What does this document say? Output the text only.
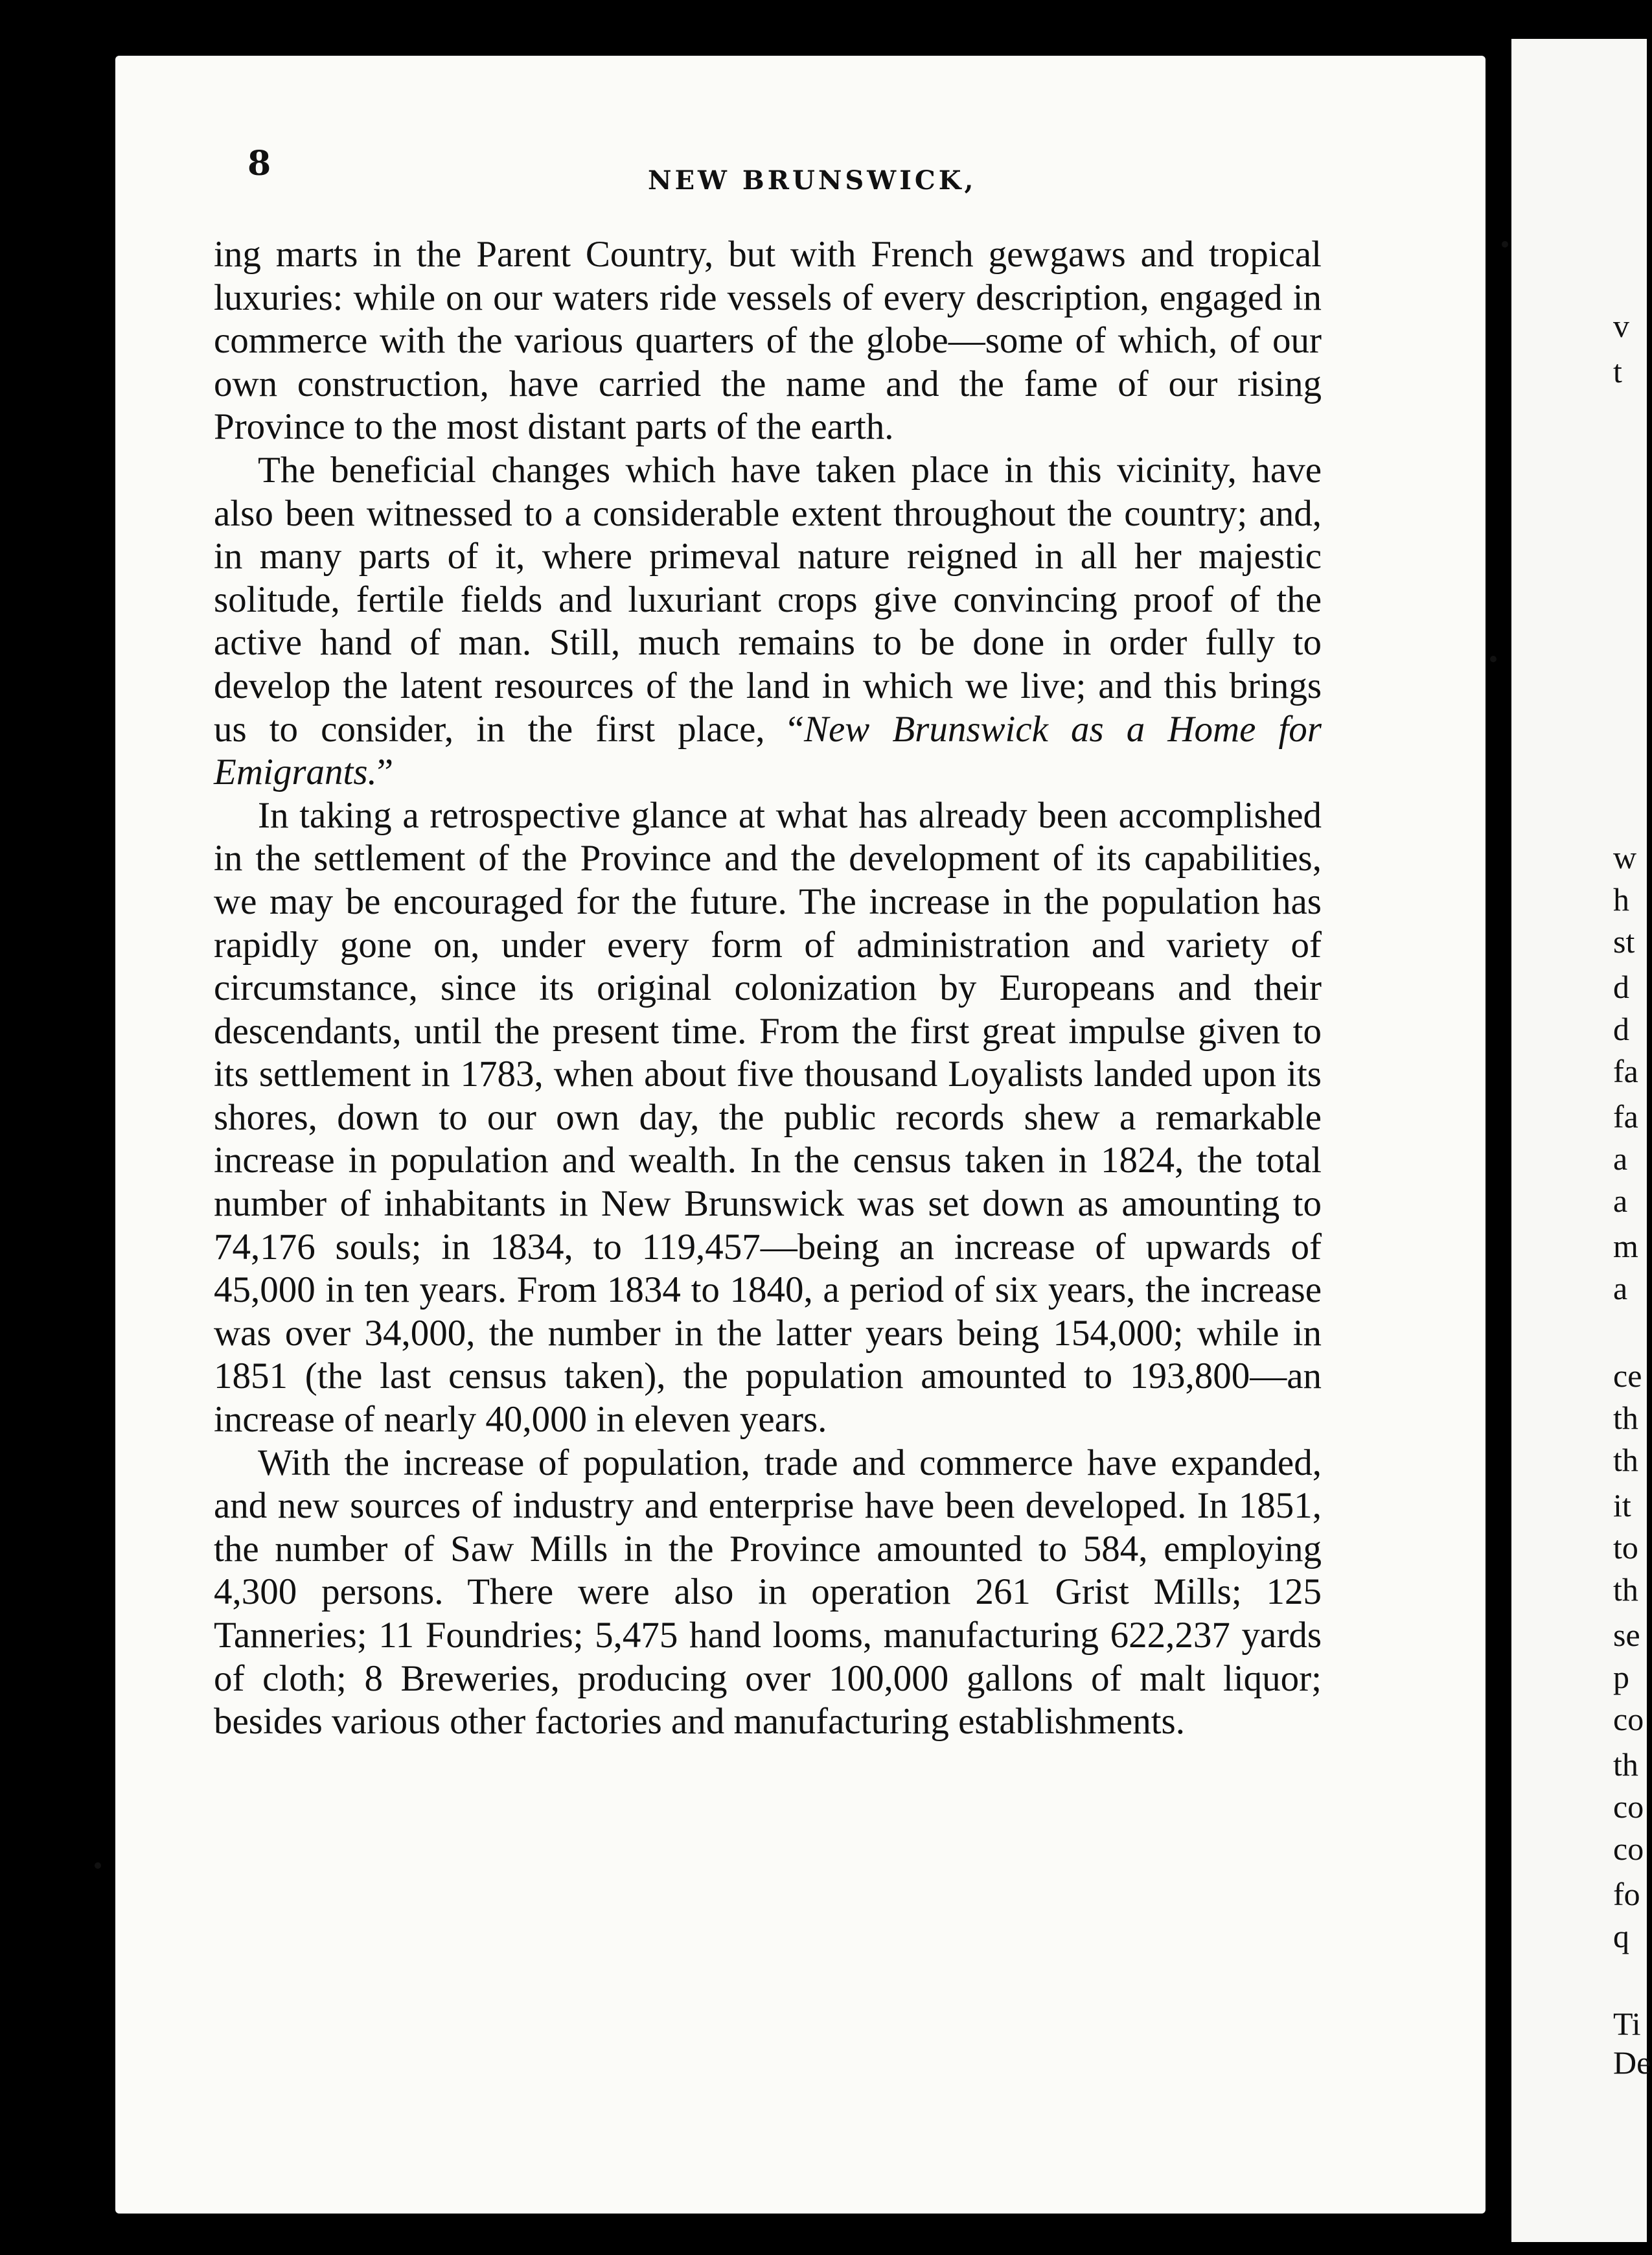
8	NEW BRUNSWICK,

ing marts in the Parent Country, but with French gewgaws and tropical luxuries: while on our waters ride vessels of every description, engaged in commerce with the various quarters of the globe—some of which, of our own construction, have carried the name and the fame of our rising Province to the most distant parts of the earth.

The beneficial changes which have taken place in this vicinity, have also been witnessed to a considerable extent throughout the country; and, in many parts of it, where primeval nature reigned in all her majestic solitude, fertile fields and luxuriant crops give convincing proof of the active hand of man. Still, much remains to be done in order fully to develop the latent resources of the land in which we live; and this brings us to consider, in the first place, “New Brunswick as a Home for Emigrants.”

In taking a retrospective glance at what has already been accomplished in the settlement of the Province and the development of its capabilities, we may be encouraged for the future. The increase in the population has rapidly gone on, under every form of administration and variety of circumstance, since its original colonization by Europeans and their descendants, until the present time. From the first great impulse given to its settlement in 1783, when about five thousand Loyalists landed upon its shores, down to our own day, the public records shew a remarkable increase in population and wealth. In the census taken in 1824, the total number of inhabitants in New Brunswick was set down as amounting to 74,176 souls; in 1834, to 119,457—being an increase of upwards of 45,000 in ten years. From 1834 to 1840, a period of six years, the increase was over 34,000, the number in the latter years being 154,000; while in 1851 (the last census taken), the population amounted to 193,800—an increase of nearly 40,000 in eleven years.

With the increase of population, trade and commerce have expanded, and new sources of industry and enterprise have been developed. In 1851, the number of Saw Mills in the Province amounted to 584, employing 4,300 persons. There were also in operation 261 Grist Mills; 125 Tanneries; 11 Foundries; 5,475 hand looms, manufacturing 622,237 yards of cloth; 8 Breweries, producing over 100,000 gallons of malt liquor; besides various other factories and manufacturing establishments.

v
t
w
h
st
d
d
fa
fa
a
a
m
a
ce
th
th
it
to
th
se
p
co
th
co
co
fo
q
Ti
De
